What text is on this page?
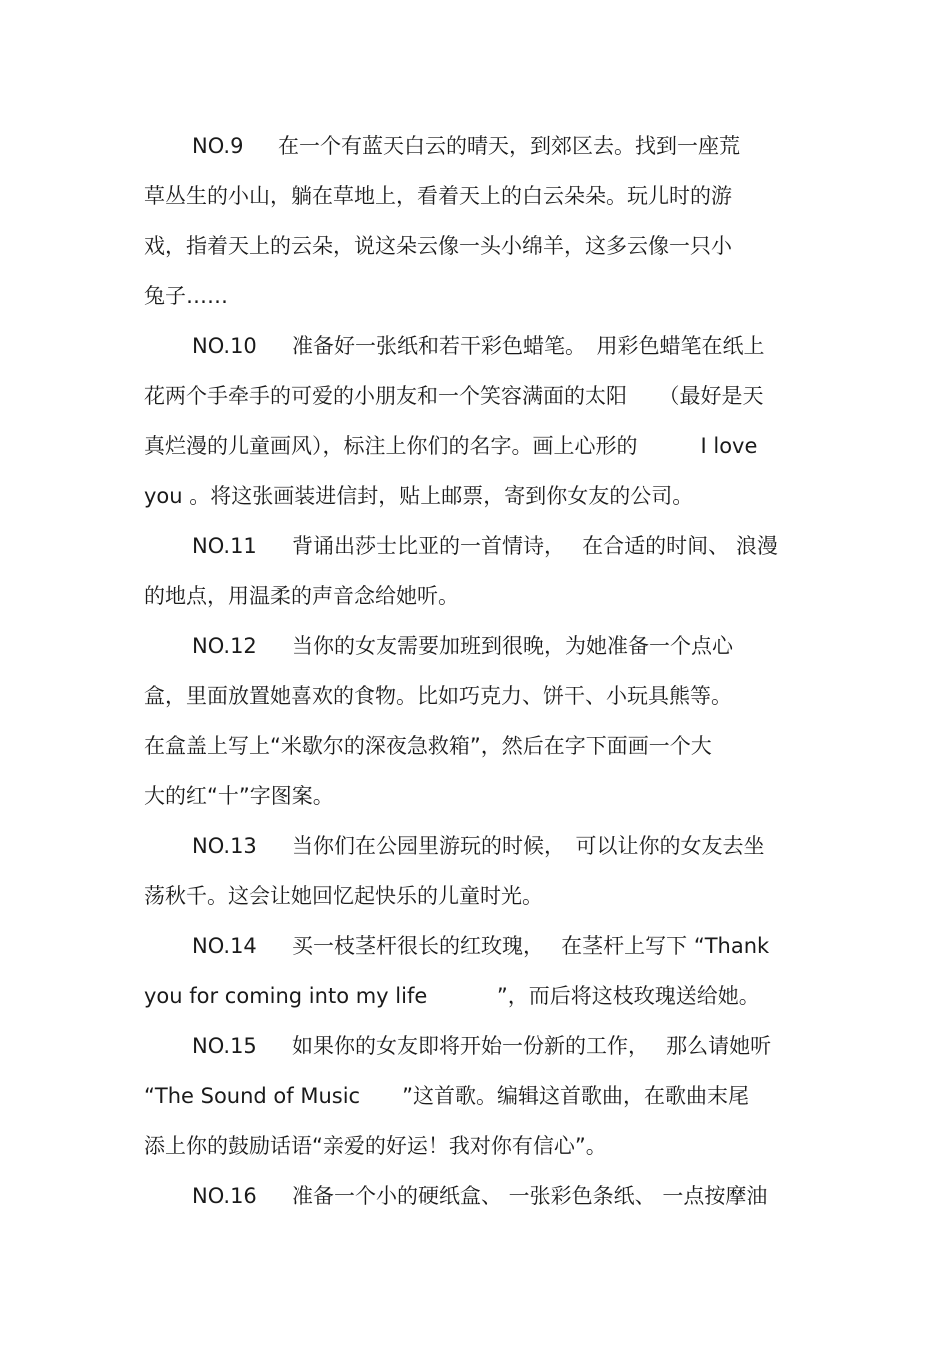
NO.9 在一个有蓝天白云的晴天，到郊区去。找到一座荒
草丛生的小山，躺在草地上，看着天上的白云朵朵。玩儿时的游
戏，指着天上的云朵，说这朵云像一头小绵羊，这多云像一只小
兔子……
NO.10 准备好一张纸和若干彩色蜡笔。　用彩色蜡笔在纸上
花两个手牵手的可爱的小朋友和一个笑容满面的太阳　　（最好是天
真烂漫的儿童画风），标注上你们的名字。画上心形的　　　I love
you 。将这张画装进信封，贴上邮票，寄到你女友的公司。
NO.11 背诵出莎士比亚的一首情诗，　 在合适的时间、 浪漫
的地点，用温柔的声音念给她听。
NO.12 当你的女友需要加班到很晚，为她准备一个点心
盒，里面放置她喜欢的食物。比如巧克力、饼干、小玩具熊等。
在盒盖上写上“米歇尔的深夜急救箱”，然后在字下面画一个大
大的红“十”字图案。
NO.13 当你们在公园里游玩的时候，　可以让你的女友去坐
荡秋千。这会让她回忆起快乐的儿童时光。
NO.14 买一枝茎杆很长的红玫瑰，　 在茎杆上写下 “Thank
you for coming into my life　　　 ”，而后将这枝玫瑰送给她。
NO.15 如果你的女友即将开始一份新的工作，　 那么请她听
“The Sound of Music　　”这首歌。编辑这首歌曲，在歌曲末尾
添上你的鼓励话语“亲爱的好运！我对你有信心”。
NO.16 准备一个小的硬纸盒、 一张彩色条纸、 一点按摩油
